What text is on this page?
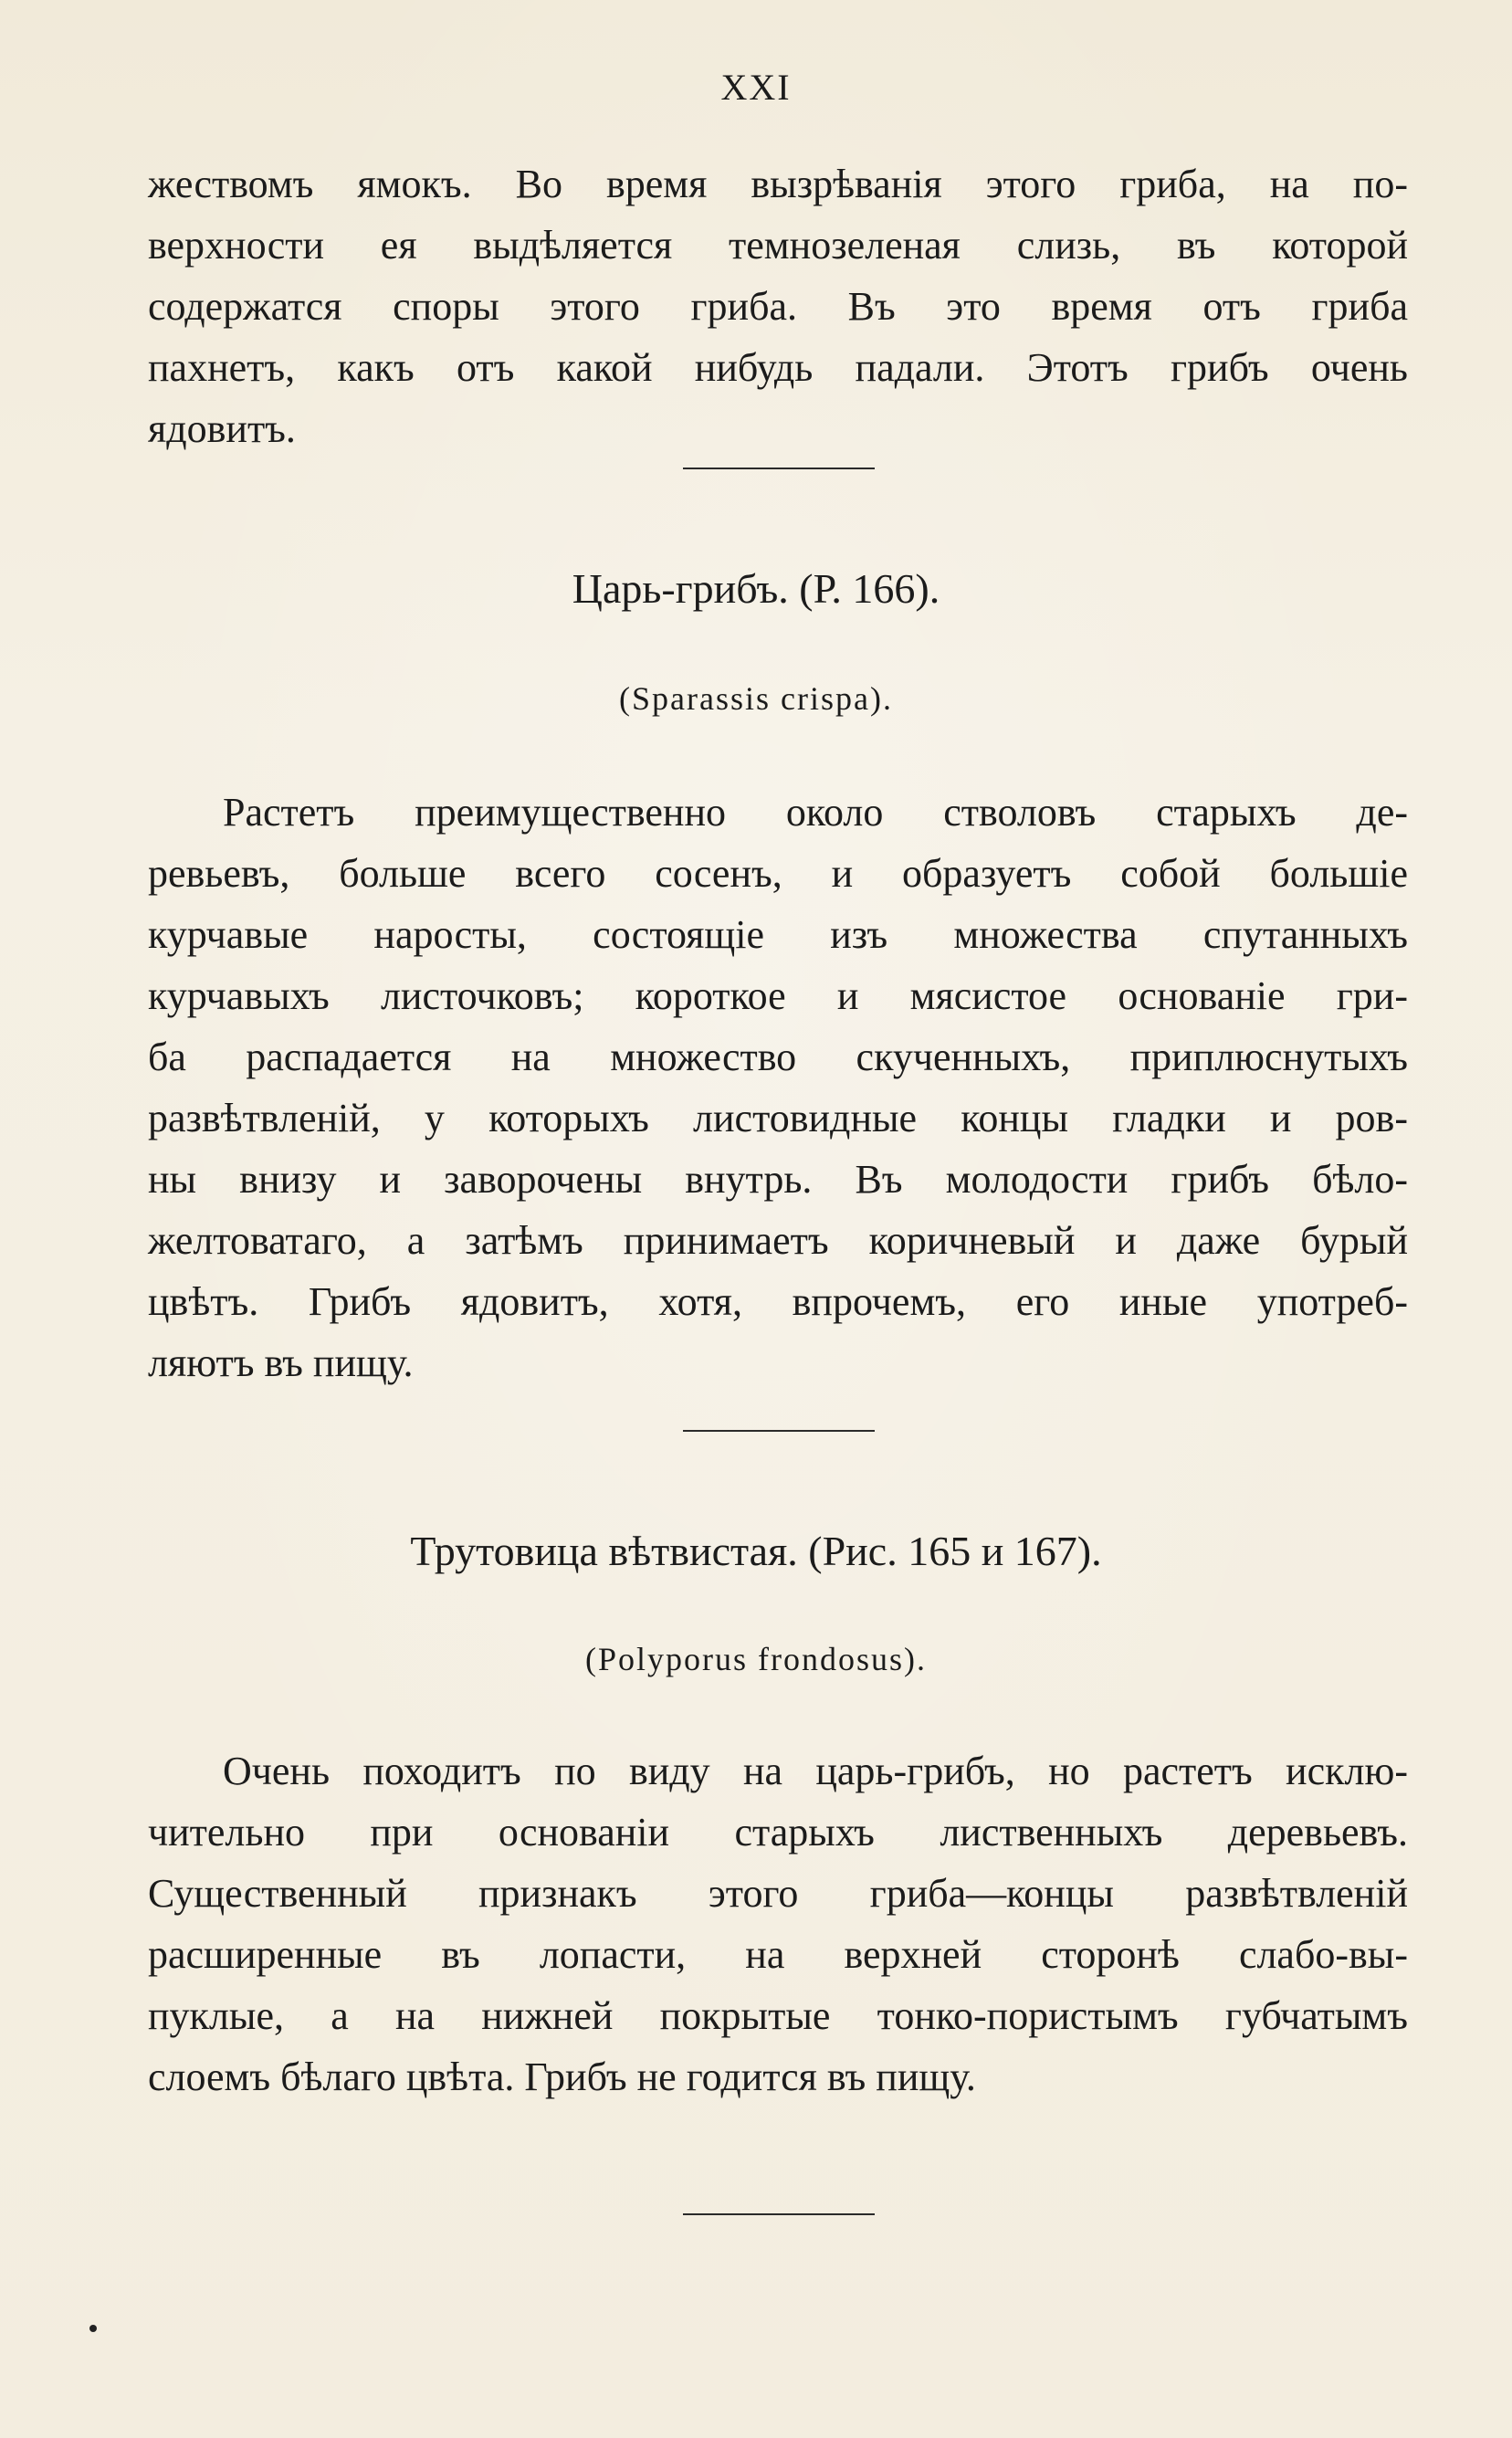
XXI
жествомъ ямокъ. Во время вызрѣванія этого гриба, на по-
верхности ея выдѣляется темнозеленая слизь, въ которой
содержатся споры этого гриба. Въ это время отъ гриба
пахнетъ, какъ отъ какой нибудь падали. Этотъ грибъ очень
ядовитъ.
Царь-грибъ. (Р. 166).
(Sparassis crispa).
Растетъ преимущественно около стволовъ старыхъ де-
ревьевъ, больше всего сосенъ, и образуетъ собой большіе
курчавые наросты, состоящіе изъ множества спутанныхъ
курчавыхъ листочковъ; короткое и мясистое основаніе гри-
ба распадается на множество скученныхъ, приплюснутыхъ
развѣтвленій, у которыхъ листовидные концы гладки и ров-
ны внизу и заворочены внутрь. Въ молодости грибъ бѣло-
желтоватаго, а затѣмъ принимаетъ коричневый и даже бурый
цвѣтъ. Грибъ ядовитъ, хотя, впрочемъ, его иные употреб-
ляютъ въ пищу.
Трутовица вѣтвистая. (Рис. 165 и 167).
(Polyporus frondosus).
Очень походитъ по виду на царь-грибъ, но растетъ исклю-
чительно при основаніи старыхъ лиственныхъ деревьевъ.
Существенный признакъ этого гриба—концы развѣтвленій
расширенные въ лопасти, на верхней сторонѣ слабо-вы-
пуклые, а на нижней покрытые тонко-пористымъ губчатымъ
слоемъ бѣлаго цвѣта. Грибъ не годится въ пищу.
